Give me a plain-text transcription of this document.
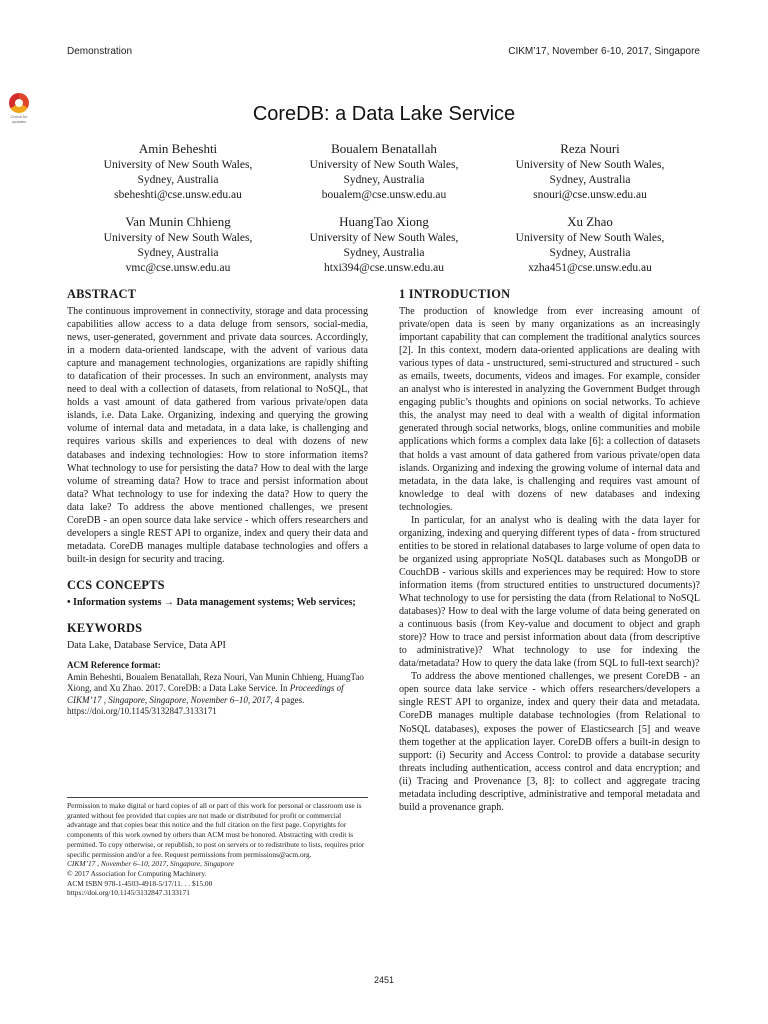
Demonstration	CIKM’17, November 6-10, 2017, Singapore
Check for
updates	CoreDB: a Data Lake Service
Amin Beheshti
University of New South Wales,
Sydney, Australia
sbeheshti@cse.unsw.edu.au
Boualem Benatallah
University of New South Wales,
Sydney, Australia
boualem@cse.unsw.edu.au
Reza Nouri
University of New South Wales,
Sydney, Australia
snouri@cse.unsw.edu.au
Van Munin Chhieng
University of New South Wales,
Sydney, Australia
vmc@cse.unsw.edu.au
HuangTao Xiong
University of New South Wales,
Sydney, Australia
htxi394@cse.unsw.edu.au
Xu Zhao
University of New South Wales,
Sydney, Australia
xzha451@cse.unsw.edu.au
ABSTRACT

The continuous improvement in connectivity, storage and data processing capabilities allow access to a data deluge from sensors, social-media, news, user-generated, government and private data sources. Accordingly, in a modern data-oriented landscape, with the advent of various data capture and management technologies, organizations are rapidly shifting to datafication of their processes. In such an environment, analysts may need to deal with a collection of datasets, from relational to NoSQL, that holds a vast amount of data gathered from various private/open data islands, i.e. Data Lake. Organizing, indexing and querying the growing volume of internal data and metadata, in a data lake, is challenging and requires various skills and experiences to deal with dozens of new databases and indexing technologies: How to store information items? What technology to use for persisting the data? How to deal with the large volume of streaming data? How to trace and persist information about data? What technology to use for indexing the data? How to query the data lake? To address the above mentioned challenges, we present CoreDB - an open source data lake service - which offers researchers and developers a single REST API to organize, index and query their data and metadata. CoreDB manages multiple database technologies and offers a built-in design for security and tracing.

CCS CONCEPTS

• Information systems → Data management systems; Web services;

KEYWORDS

Data Lake, Database Service, Data API

ACM Reference format:
Amin Beheshti, Boualem Benatallah, Reza Nouri, Van Munin Chhieng, HuangTao Xiong, and Xu Zhao. 2017. CoreDB: a Data Lake Service. In Proceedings of CIKM’17 , Singapore, Singapore, November 6–10, 2017, 4 pages.
https://doi.org/10.1145/3132847.3133171
Permission to make digital or hard copies of all or part of this work for personal or classroom use is granted without fee provided that copies are not made or distributed for profit or commercial advantage and that copies bear this notice and the full citation on the first page. Copyrights for components of this work owned by others than ACM must be honored. Abstracting with credit is permitted. To copy otherwise, or republish, to post on servers or to redistribute to lists, requires prior specific permission and/or a fee. Request permissions from permissions@acm.org.
CIKM’17 , November 6–10, 2017, Singapore, Singapore
© 2017 Association for Computing Machinery.
ACM ISBN 978-1-4503-4918-5/17/11. . . $15.00
https://doi.org/10.1145/3132847.3133171
1 INTRODUCTION

The production of knowledge from ever increasing amount of private/open data is seen by many organizations as an increasingly important capability that can complement the traditional analytics sources [2]. In this context, modern data-oriented applications are dealing with various types of data - unstructured, semi-structured and structured - such as emails, tweets, documents, videos and images. For example, consider an analyst who is interested in analyzing the Government Budget through engaging public’s thoughts and opinions on social networks. To achieve this, the analyst may need to deal with a wealth of digital information generated through social networks, blogs, online communities and mobile applications which forms a complex data lake [6]: a collection of datasets that holds a vast amount of data gathered from various private/open data islands. Organizing and indexing the growing volume of internal data and metadata, in the data lake, is challenging and requires vast amount of knowledge to deal with dozens of new databases and indexing technologies.

In particular, for an analyst who is dealing with the data layer for organizing, indexing and querying different types of data - from structured entities to be stored in relational databases to large volume of open data to be organized using appropriate NoSQL databases such as MongoDB or CouchDB - various skills and experiences may be required: How to store information items (from structured entities to unstructured documents)? What technology to use for persisting the data (from Relational to NoSQL databases)? How to deal with the large volume of data being generated on a continuous basis (from Key-value and document to object and graph store)? How to trace and persist information about data (from descriptive to administrative)? What technology to use for indexing the data/metadata? How to query the data lake (from SQL to full-text search)?

To address the above mentioned challenges, we present CoreDB - an open source data lake service - which offers researchers/developers a single REST API to organize, index and query their data and metadata. CoreDB manages multiple database technologies (from Relational to NoSQL databases), exposes the power of Elasticsearch [5] and weave them together at the application layer. CoreDB offers a built-in design to support: (i) Security and Access Control: to provide a database security threats including authentication, access control and data encryption; and (ii) Tracing and Provenance [3, 8]: to collect and aggregate tracing metadata including descriptive, administrative and temporal metadata and build a provenance graph.

2451
